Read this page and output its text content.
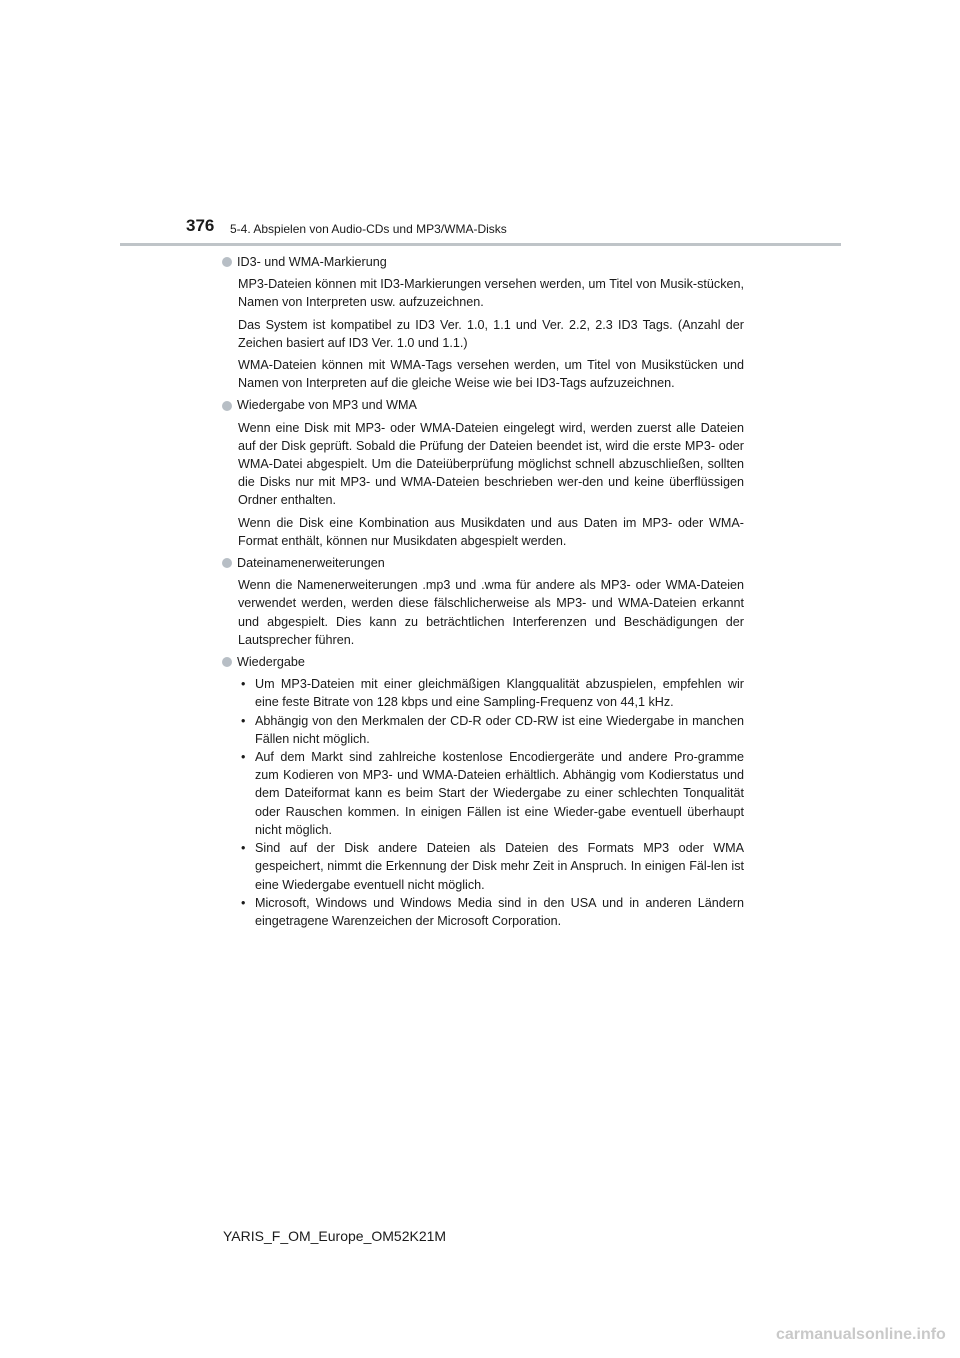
376 5-4. Abspielen von Audio-CDs und MP3/WMA-Disks
ID3- und WMA-Markierung

MP3-Dateien können mit ID3-Markierungen versehen werden, um Titel von Musik-stücken, Namen von Interpreten usw. aufzuzeichnen.

Das System ist kompatibel zu ID3 Ver. 1.0, 1.1 und Ver. 2.2, 2.3 ID3 Tags. (Anzahl der Zeichen basiert auf ID3 Ver. 1.0 und 1.1.)

WMA-Dateien können mit WMA-Tags versehen werden, um Titel von Musikstücken und Namen von Interpreten auf die gleiche Weise wie bei ID3-Tags aufzuzeichnen.

Wiedergabe von MP3 und WMA

Wenn eine Disk mit MP3- oder WMA-Dateien eingelegt wird, werden zuerst alle Dateien auf der Disk geprüft. Sobald die Prüfung der Dateien beendet ist, wird die erste MP3- oder WMA-Datei abgespielt. Um die Dateiüberprüfung möglichst schnell abzuschließen, sollten die Disks nur mit MP3- und WMA-Dateien beschrieben wer-den und keine überflüssigen Ordner enthalten.

Wenn die Disk eine Kombination aus Musikdaten und aus Daten im MP3- oder WMA-Format enthält, können nur Musikdaten abgespielt werden.

Dateinamenerweiterungen

Wenn die Namenerweiterungen .mp3 und .wma für andere als MP3- oder WMA-Dateien verwendet werden, werden diese fälschlicherweise als MP3- und WMA-Dateien erkannt und abgespielt. Dies kann zu beträchtlichen Interferenzen und Beschädigungen der Lautsprecher führen.

Wiedergabe
• Um MP3-Dateien mit einer gleichmäßigen Klangqualität abzuspielen, empfehlen wir eine feste Bitrate von 128 kbps und eine Sampling-Frequenz von 44,1 kHz.
• Abhängig von den Merkmalen der CD-R oder CD-RW ist eine Wiedergabe in manchen Fällen nicht möglich.
• Auf dem Markt sind zahlreiche kostenlose Encodiergeräte und andere Pro-gramme zum Kodieren von MP3- und WMA-Dateien erhältlich. Abhängig vom Kodierstatus und dem Dateiformat kann es beim Start der Wiedergabe zu einer schlechten Tonqualität oder Rauschen kommen. In einigen Fällen ist eine Wieder-gabe eventuell überhaupt nicht möglich.
• Sind auf der Disk andere Dateien als Dateien des Formats MP3 oder WMA gespeichert, nimmt die Erkennung der Disk mehr Zeit in Anspruch. In einigen Fäl-len ist eine Wiedergabe eventuell nicht möglich.
• Microsoft, Windows und Windows Media sind in den USA und in anderen Ländern eingetragene Warenzeichen der Microsoft Corporation.
YARIS_F_OM_Europe_OM52K21M
carmanualsonline.info
